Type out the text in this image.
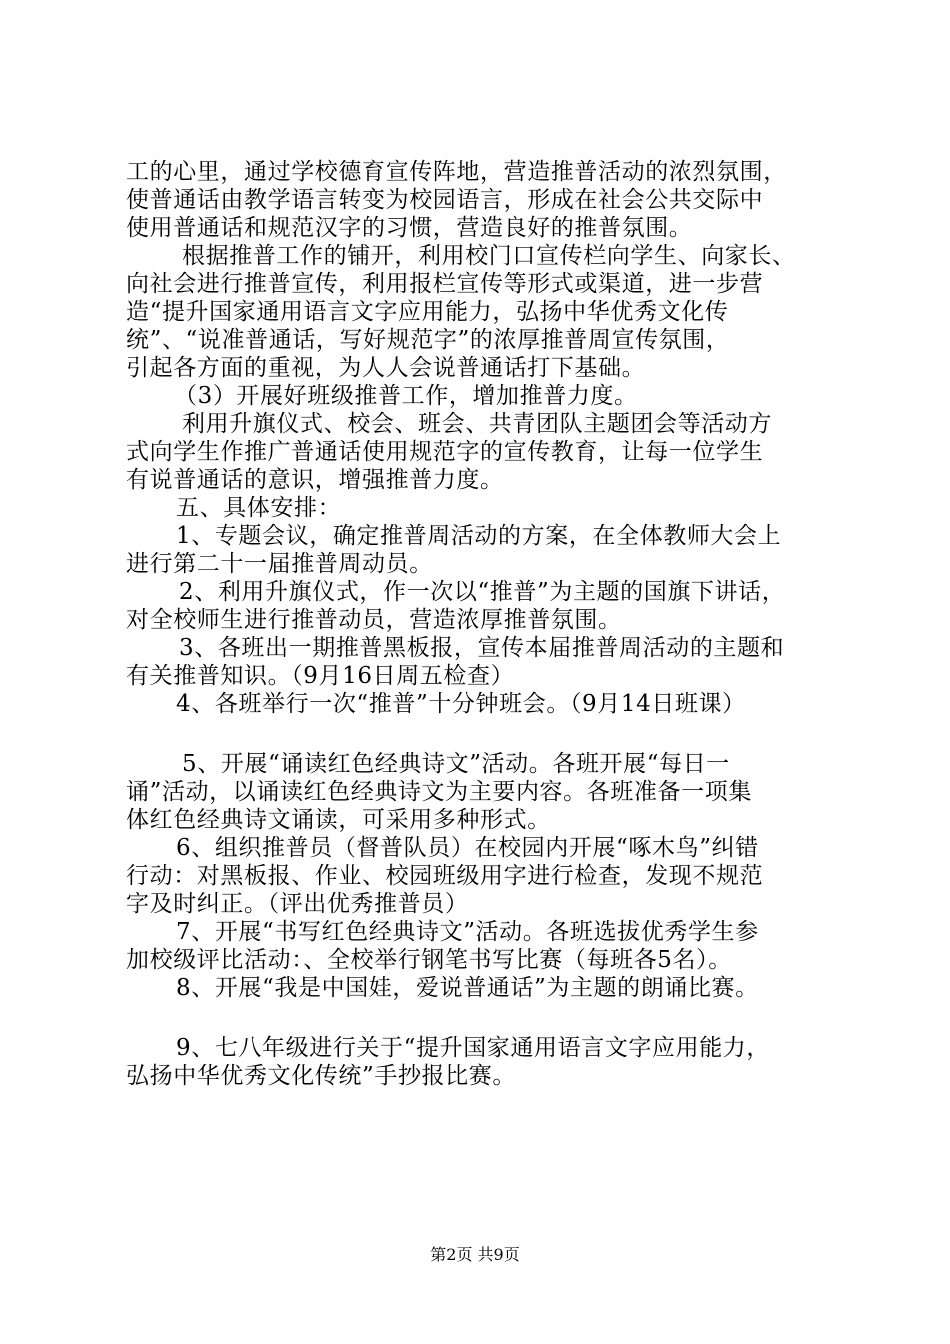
工的心里，通过学校德育宣传阵地，营造推普活动的浓烈氛围，
使普通话由教学语言转变为校园语言，形成在社会公共交际中
使用普通话和规范汉字的习惯，营造良好的推普氛围。
根据推普工作的铺开，利用校门口宣传栏向学生、向家长、
向社会进行推普宣传，利用报栏宣传等形式或渠道，进一步营
造“提升国家通用语言文字应用能力，弘扬中华优秀文化传
统”、“说准普通话，写好规范字”的浓厚推普周宣传氛围，
引起各方面的重视，为人人会说普通话打下基础。
（3）开展好班级推普工作，增加推普力度。
利用升旗仪式、校会、班会、共青团队主题团会等活动方
式向学生作推广普通话使用规范字的宣传教育，让每一位学生
有说普通话的意识，增强推普力度。
五、具体安排：
1、专题会议，确定推普周活动的方案，在全体教师大会上
进行第二十一届推普周动员。
2、利用升旗仪式，作一次以“推普”为主题的国旗下讲话，
对全校师生进行推普动员，营造浓厚推普氛围。
3、各班出一期推普黑板报，宣传本届推普周活动的主题和
有关推普知识。（9月16日周五检查）
4、各班举行一次“推普”十分钟班会。（9月14日班课）
5、开展“诵读红色经典诗文”活动。各班开展“每日一
诵”活动，以诵读红色经典诗文为主要内容。各班准备一项集
体红色经典诗文诵读，可采用多种形式。
6、组织推普员（督普队员）在校园内开展“啄木鸟”纠错
行动：对黑板报、作业、校园班级用字进行检查，发现不规范
字及时纠正。（评出优秀推普员）
7、开展“书写红色经典诗文”活动。各班选拔优秀学生参
加校级评比活动：、全校举行钢笔书写比赛（每班各5名）。
8、开展“我是中国娃，爱说普通话”为主题的朗诵比赛。
9、七八年级进行关于“提升国家通用语言文字应用能力，
弘扬中华优秀文化传统”手抄报比赛。
第2页 共9页
